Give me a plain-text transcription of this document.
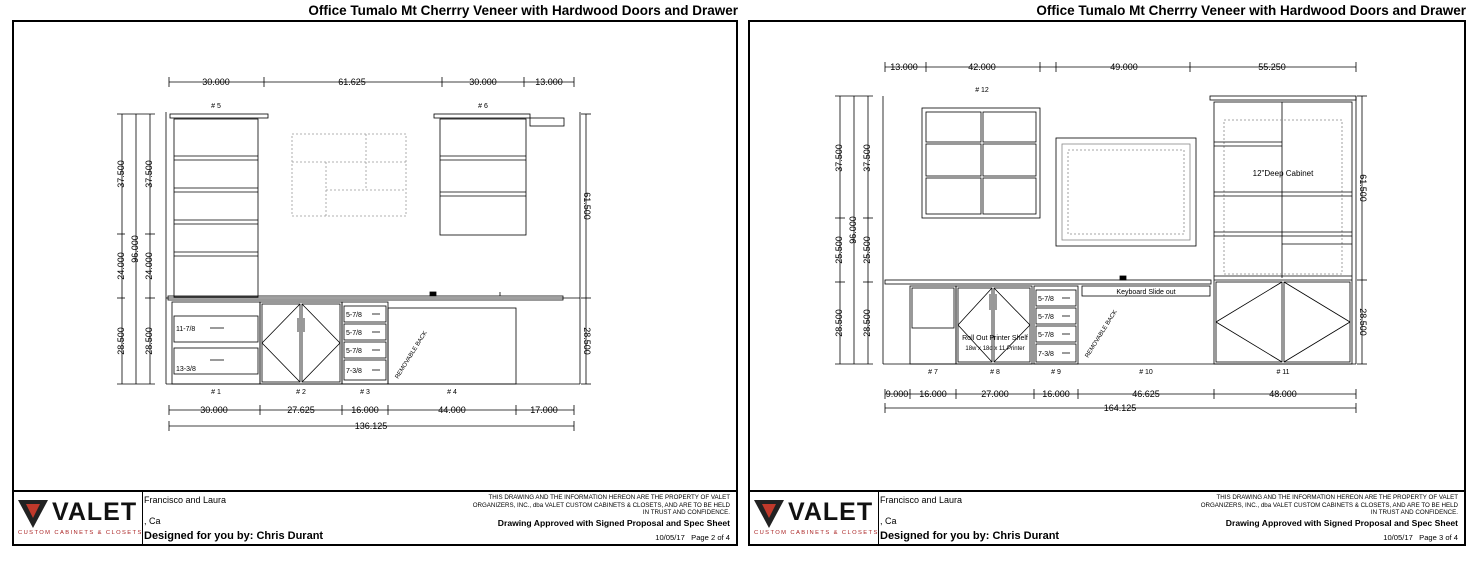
Office Tumalo Mt Cherrry Veneer with Hardwood Doors and Drawer
30.000	61.625	30.000	13.000
# 5	# 6
# 1	# 2	# 3	# 4
30.000	27.625	16.000	44.000	17.000
136.125
11-7/8
13-3/8
5-7/8
5-7/8
5-7/8
7-3/8	REMOVABLE BACK
37.500
96.000
24.000
28.500
37.500
24.000
28.500
61.500
28.500
VALET
CUSTOM CABINETS & CLOSETS
Francisco and Laura
, Ca
Designed for you by: Chris Durant
THIS DRAWING AND THE INFORMATION HEREON ARE THE PROPERTY OF VALET ORGANIZERS, INC., dba VALET CUSTOM CABINETS & CLOSETS, AND ARE TO BE HELD IN TRUST AND CONFIDENCE.
Drawing Approved with Signed Proposal and Spec Sheet
10/05/17 Page 2 of 4
Office Tumalo Mt Cherrry Veneer with Hardwood Doors and Drawer
13.000	42.000	49.000	55.250
# 12
# 7	# 8	# 9	# 10	# 11
9.000 16.000	27.000	16.000	46.625	48.000
164.125
12"Deep Cabinet
Keyboard Slide out
Roll Out Printer Shelf
18w x 18d x 11 Printer
5-7/8
5-7/8
5-7/8
7-3/8	REMOVABLE BACK
37.500
96.000
25.500
28.500
37.500
25.500
28.500
61.500
28.500
VALET
CUSTOM CABINETS & CLOSETS
Francisco and Laura
, Ca
Designed for you by: Chris Durant
THIS DRAWING AND THE INFORMATION HEREON ARE THE PROPERTY OF VALET ORGANIZERS, INC., dba VALET CUSTOM CABINETS & CLOSETS, AND ARE TO BE HELD IN TRUST AND CONFIDENCE.
Drawing Approved with Signed Proposal and Spec Sheet
10/05/17 Page 3 of 4
